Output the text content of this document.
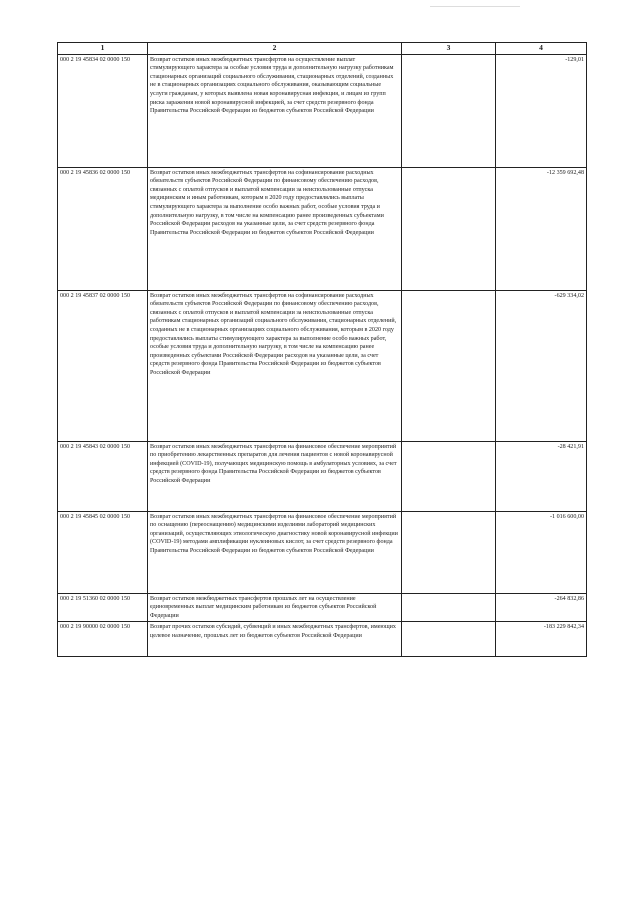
1	2	3	4
000 2 19 45834 02 0000 150	Возврат остатков иных межбюджетных трансфертов на осуществление выплат стимулирующего характера за особые условия труда и дополнительную нагрузку работникам стационарных организаций социального обслуживания, стационарных отделений, созданных не в стационарных организациях социального обслуживания, оказывающим социальные услуги гражданам, у которых выявлена новая коронавирусная инфекция, и лицам из групп риска заражения новой коронавирусной инфекцией, за счет средств резервного фонда Правительства Российской Федерации из бюджетов субъектов Российской Федерации		-129,01
000 2 19 45836 02 0000 150	Возврат остатков иных межбюджетных трансфертов на софинансирование расходных обязательств субъектов Российской Федерации по финансовому обеспечению расходов, связанных с оплатой отпусков и выплатой компенсации за неиспользованные отпуска медицинским и иным работникам, которым в 2020 году предоставлялись выплаты стимулирующего характера за выполнение особо важных работ, особые условия труда и дополнительную нагрузку, в том числе на компенсацию ранее произведенных субъектами Российской Федерации расходов на указанные цели, за счет средств резервного фонда Правительства Российской Федерации из бюджетов субъектов Российской Федерации		-12 359 692,48
000 2 19 45837 02 0000 150	Возврат остатков иных межбюджетных трансфертов на софинансирование расходных обязательств субъектов Российской Федерации по финансовому обеспечению расходов, связанных с оплатой отпусков и выплатой компенсации за неиспользованные отпуска работникам стационарных организаций социального обслуживания, стационарных отделений, созданных не в стационарных организациях социального обслуживания, которым в 2020 году предоставлялись выплаты стимулирующего характера за выполнение особо важных работ, особые условия труда и дополнительную нагрузку, в том числе на компенсацию ранее произведенных субъектами Российской Федерации расходов на указанные цели, за счет средств резервного фонда Правительства Российской Федерации из бюджетов субъектов Российской Федерации		-629 334,02
000 2 19 45843 02 0000 150	Возврат остатков иных межбюджетных трансфертов на финансовое обеспечение мероприятий по приобретению лекарственных препаратов для лечения пациентов с новой коронавирусной инфекцией (COVID-19), получающих медицинскую помощь в амбулаторных условиях, за счет средств резервного фонда Правительства Российской Федерации из бюджетов субъектов Российской Федерации		-28 421,91
000 2 19 45845 02 0000 150	Возврат остатков иных межбюджетных трансфертов на финансовое обеспечение мероприятий по оснащению (переоснащению) медицинскими изделиями лабораторий медицинских организаций, осуществляющих этиологическую диагностику новой коронавирусной инфекции (COVID-19) методами амплификации нуклеиновых кислот, за счет средств резервного фонда Правительства Российской Федерации из бюджетов субъектов Российской Федерации		-1 016 600,00
000 2 19 51360 02 0000 150	Возврат остатков межбюджетных трансфертов прошлых лет на осуществление единовременных выплат медицинским работникам из бюджетов субъектов Российской Федерации		-264 832,86
000 2 19 90000 02 0000 150	Возврат прочих остатков субсидий, субвенций и иных межбюджетных трансфертов, имеющих целевое назначение, прошлых лет из бюджетов субъектов Российской Федерации		-183 229 842,34
